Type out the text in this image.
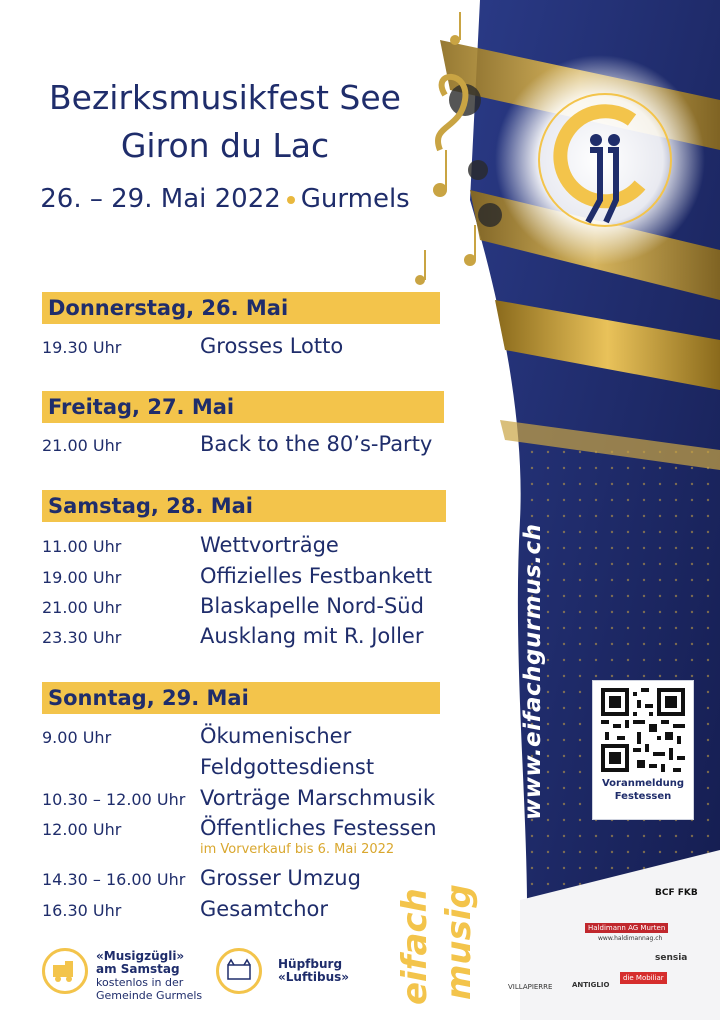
Bezirksmusikfest See
Giron du Lac
26. – 29. Mai 2022 Gurmels
Donnerstag, 26. Mai
19.30 Uhr	Grosses Lotto
Freitag, 27. Mai
21.00 Uhr	Back to the 80’s-Party
Samstag, 28. Mai
11.00 Uhr	Wettvorträge
19.00 Uhr	Offizielles Festbankett
21.00 Uhr	Blaskapelle Nord-Süd
23.30 Uhr	Ausklang mit R. Joller
Sonntag, 29. Mai
9.00 Uhr	Ökumenischer
Feldgottesdienst
10.30 – 12.00 Uhr Vorträge Marschmusik
12.00 Uhr	Öffentliches Festessen
im Vorverkauf bis 6. Mai 2022
14.30 – 16.00 Uhr Grosser Umzug
16.30 Uhr	Gesamtchor
«Musigzügli»
am Samstag
kostenlos in der
Gemeinde Gurmels
Hüpfburg
«Luftibus»
www.eifachgurmus.ch
eifach musig
Voranmeldung
Festessen
BCF FKB
Haldimann AG Murten
www.haldimannag.ch
sensia
VILLAPIERRE	ANTIGLIO
die Mobiliar
